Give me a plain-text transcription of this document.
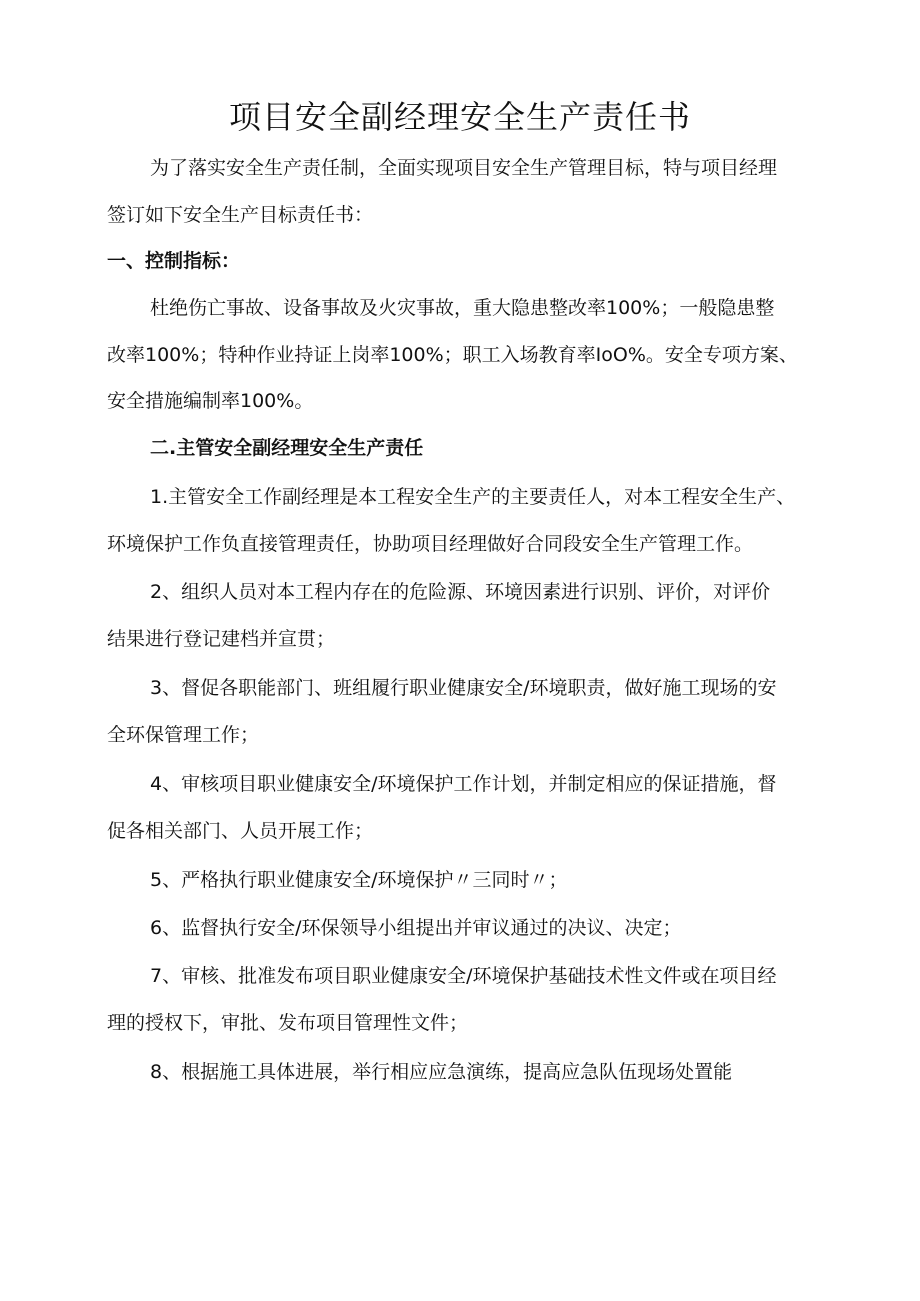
项目安全副经理安全生产责任书

为了落实安全生产责任制，全面实现项目安全生产管理目标，特与项目经理

签订如下安全生产目标责任书：

一、控制指标：

杜绝伤亡事故、设备事故及火灾事故，重大隐患整改率100%；一般隐患整

改率100%；特种作业持证上岗率100%；职工入场教育率IoO%。安全专项方案、

安全措施编制率100%。

二.主管安全副经理安全生产责任

1.主管安全工作副经理是本工程安全生产的主要责任人，对本工程安全生产、

环境保护工作负直接管理责任，协助项目经理做好合同段安全生产管理工作。

2、组织人员对本工程内存在的危险源、环境因素进行识别、评价，对评价

结果进行登记建档并宣贯；

3、督促各职能部门、班组履行职业健康安全/环境职责，做好施工现场的安

全环保管理工作；

4、审核项目职业健康安全/环境保护工作计划，并制定相应的保证措施，督

促各相关部门、人员开展工作；

5、严格执行职业健康安全/环境保护〃三同时〃；

6、监督执行安全/环保领导小组提出并审议通过的决议、决定；

7、审核、批准发布项目职业健康安全/环境保护基础技术性文件或在项目经

理的授权下，审批、发布项目管理性文件；

8、根据施工具体进展，举行相应应急演练，提高应急队伍现场处置能
